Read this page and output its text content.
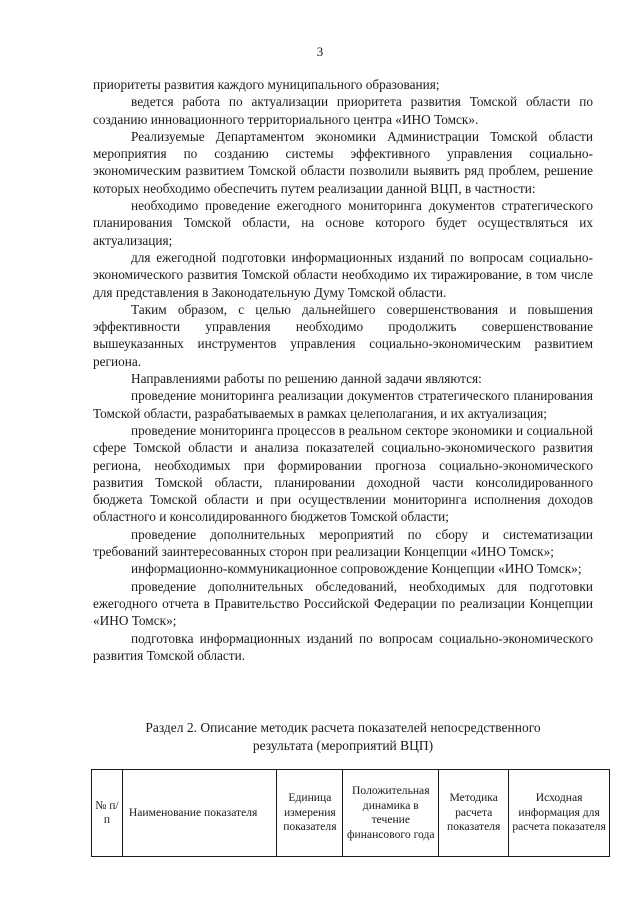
3

приоритеты развития каждого муниципального образования;

ведется работа по актуализации приоритета развития Томской области по созданию инновационного территориального центра «ИНО Томск».

Реализуемые Департаментом экономики Администрации Томской области мероприятия по созданию системы эффективного управления социально-экономическим развитием Томской области позволили выявить ряд проблем, решение которых необходимо обеспечить путем реализации данной ВЦП, в частности:

необходимо проведение ежегодного мониторинга документов стратегического планирования Томской области, на основе которого будет осуществляться их актуализация;

для ежегодной подготовки информационных изданий по вопросам социально-экономического развития Томской области необходимо их тиражирование, в том числе для представления в Законодательную Думу Томской области.

Таким образом, с целью дальнейшего совершенствования и повышения эффективности управления необходимо продолжить совершенствование вышеуказанных инструментов управления социально-экономическим развитием региона.

Направлениями работы по решению данной задачи являются:

проведение мониторинга реализации документов стратегического планирования Томской области, разрабатываемых в рамках целеполагания, и их актуализация;

проведение мониторинга процессов в реальном секторе экономики и социальной сфере Томской области и анализа показателей социально-экономического развития региона, необходимых при формировании прогноза социально-экономического развития Томской области, планировании доходной части консолидированного бюджета Томской области и при осуществлении мониторинга исполнения доходов областного и консолидированного бюджетов Томской области;

проведение дополнительных мероприятий по сбору и систематизации требований заинтересованных сторон при реализации Концепции «ИНО Томск»;

информационно-коммуникационное сопровождение Концепции «ИНО Томск»;

проведение дополнительных обследований, необходимых для подготовки ежегодного отчета в Правительство Российской Федерации по реализации Концепции «ИНО Томск»;

подготовка информационных изданий по вопросам социально-экономического развития Томской области.

Раздел 2. Описание методик расчета показателей непосредственного
результата (мероприятий ВЦП)
№ п/п	Наименование показателя	Единица измерения показателя	Положительная динамика в течение финансового года	Методика расчета показателя	Исходная информация для расчета показателя
